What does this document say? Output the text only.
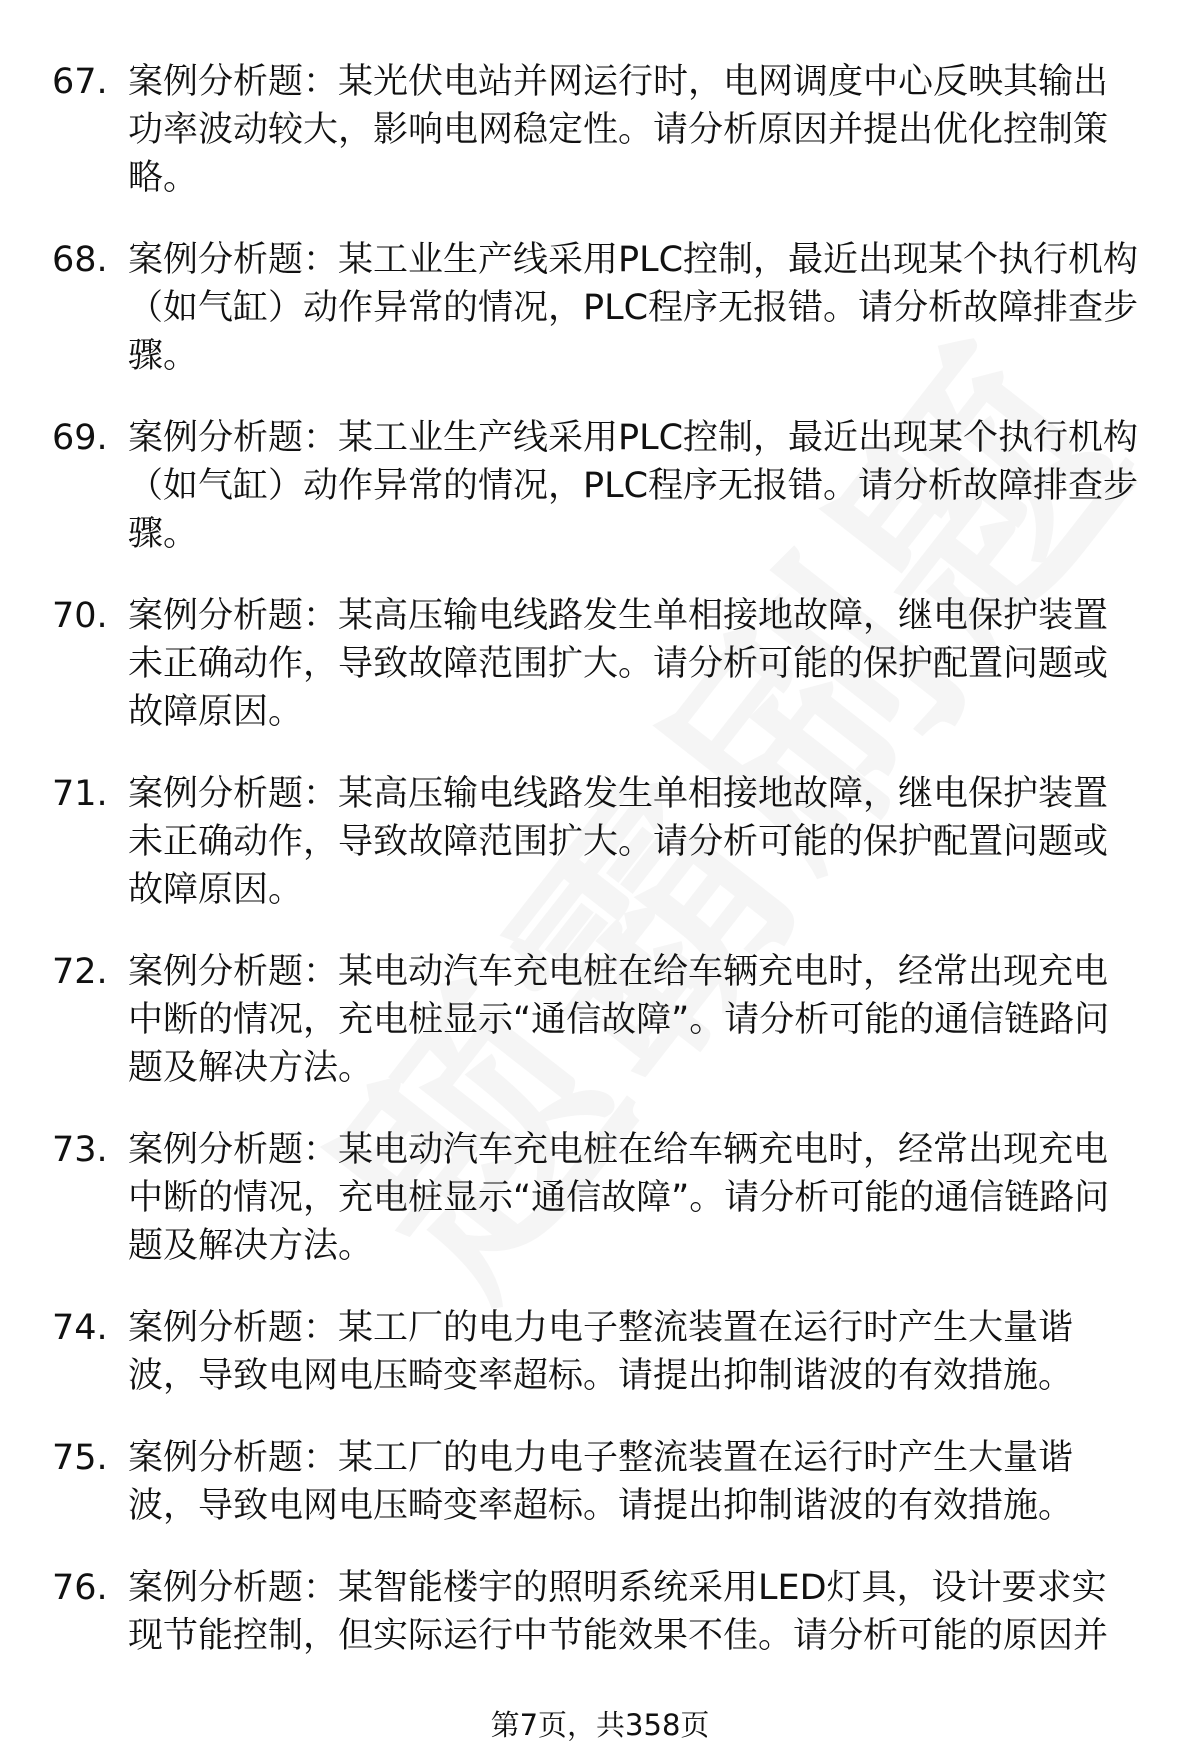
67. 案例分析题：某光伏电站并网运行时，电网调度中心反映其输出功率波动较大，影响电网稳定性。请分析原因并提出优化控制策略。
68. 案例分析题：某工业生产线采用PLC控制，最近出现某个执行机构（如气缸）动作异常的情况，PLC程序无报错。请分析故障排查步骤。
69. 案例分析题：某工业生产线采用PLC控制，最近出现某个执行机构（如气缸）动作异常的情况，PLC程序无报错。请分析故障排查步骤。
70. 案例分析题：某高压输电线路发生单相接地故障，继电保护装置未正确动作，导致故障范围扩大。请分析可能的保护配置问题或故障原因。
71. 案例分析题：某高压输电线路发生单相接地故障，继电保护装置未正确动作，导致故障范围扩大。请分析可能的保护配置问题或故障原因。
72. 案例分析题：某电动汽车充电桩在给车辆充电时，经常出现充电中断的情况，充电桩显示“通信故障”。请分析可能的通信链路问题及解决方法。
73. 案例分析题：某电动汽车充电桩在给车辆充电时，经常出现充电中断的情况，充电桩显示“通信故障”。请分析可能的通信链路问题及解决方法。
74. 案例分析题：某工厂的电力电子整流装置在运行时产生大量谐波，导致电网电压畸变率超标。请提出抑制谐波的有效措施。
75. 案例分析题：某工厂的电力电子整流装置在运行时产生大量谐波，导致电网电压畸变率超标。请提出抑制谐波的有效措施。
76. 案例分析题：某智能楼宇的照明系统采用LED灯具，设计要求实现节能控制，但实际运行中节能效果不佳。请分析可能的原因并
第7页，共358页
